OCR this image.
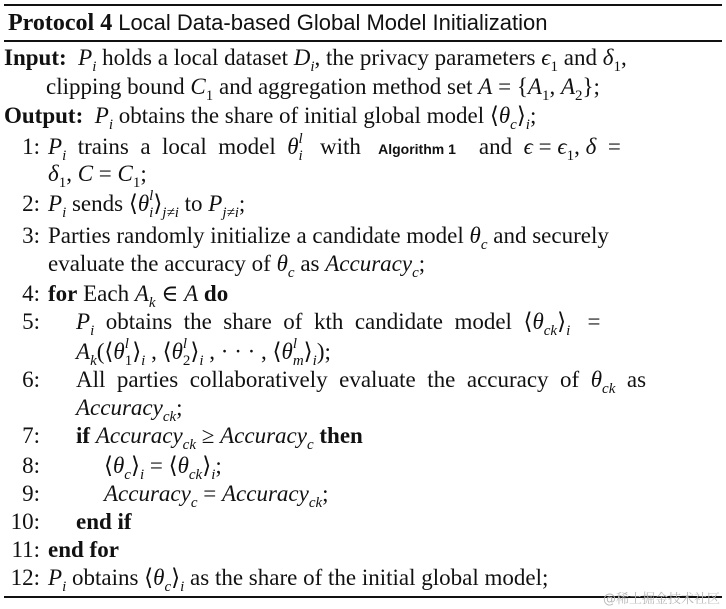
Protocol 4 Local Data-based Global Model Initialization
Input: $P_i$ holds a local dataset $D_i$, the privacy parameters $\epsilon_1$ and $\delta_1$,
clipping bound $C_1$ and aggregation method set $A = \{A_1$, $A_2$};
Output: $P_i$ obtains the share of initial global model $⟨\theta_c⟩_i$;
1: $P_i$  trains  a  local  model  θ l
$_i$   with   Algorithm 1    and  $\epsilon = \epsilon_1$, δ  =
$\delta_1$, $C = C_1$;
2: $P_i$ sends ⟨θ l
$_i⟩_{j\ne i}$ to $P_{j\ne i}$;
3: Parties randomly initialize a candidate model $\theta_c$ and securely
evaluate the accuracy of $\theta_c$ as Accuracy$_c$;
4: for Each $A_k$ ∈ A do
5: $P_i$  obtains  the  share  of  kth  candidate  model  $⟨\theta_{ck}⟩_i$   =
$A_k(⟨\theta$ l
$_1⟩_i$ , ⟨θ l
$_2⟩_i$ , · · · , ⟨θ l
$_m⟩_i$);
6: All  parties  collaboratively  evaluate  the  accuracy  of  $\theta_{ck}$  as
Accuracy$_{ck}$;
7: if Accuracy$_{ck}$ ≥ Accuracy$_c$ then
8:	$⟨\theta_c⟩_i$ = $⟨\theta_{ck}⟩_i$;
9:	Accuracy$_c$ = Accuracy$_{ck}$;
10: end if
11: end for
12: $P_i$ obtains $⟨\theta_c⟩_i$ as the share of the initial global model;
@稀土掘金技术社区
